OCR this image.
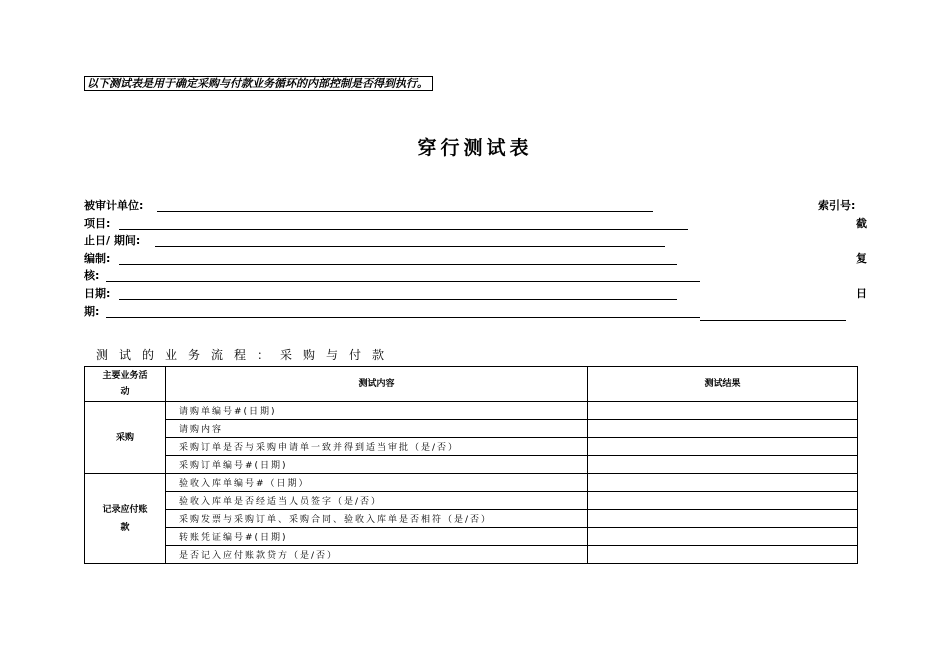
以下测试表是用于确定采购与付款业务循环的内部控制是否得到执行。
穿行测试表
被审计单位:	索引号:
项目:	截
止日/ 期间:
编制:	复
核:
日期:	日
期:
测试的业务流程：采购与付款
主要业务活
动	测试内容	测试结果
采购	请购单编号#(日期)	
	请购内容	
	采购订单是否与采购申请单一致并得到适当审批（是/否）	
	采购订单编号#(日期)	
记录应付账
款	验收入库单编号#（日期）	
	验收入库单是否经适当人员签字（是/否）	
	采购发票与采购订单、采购合同、验收入库单是否相符（是/否）	
	转账凭证编号#(日期)	
	是否记入应付账款贷方（是/否）	
